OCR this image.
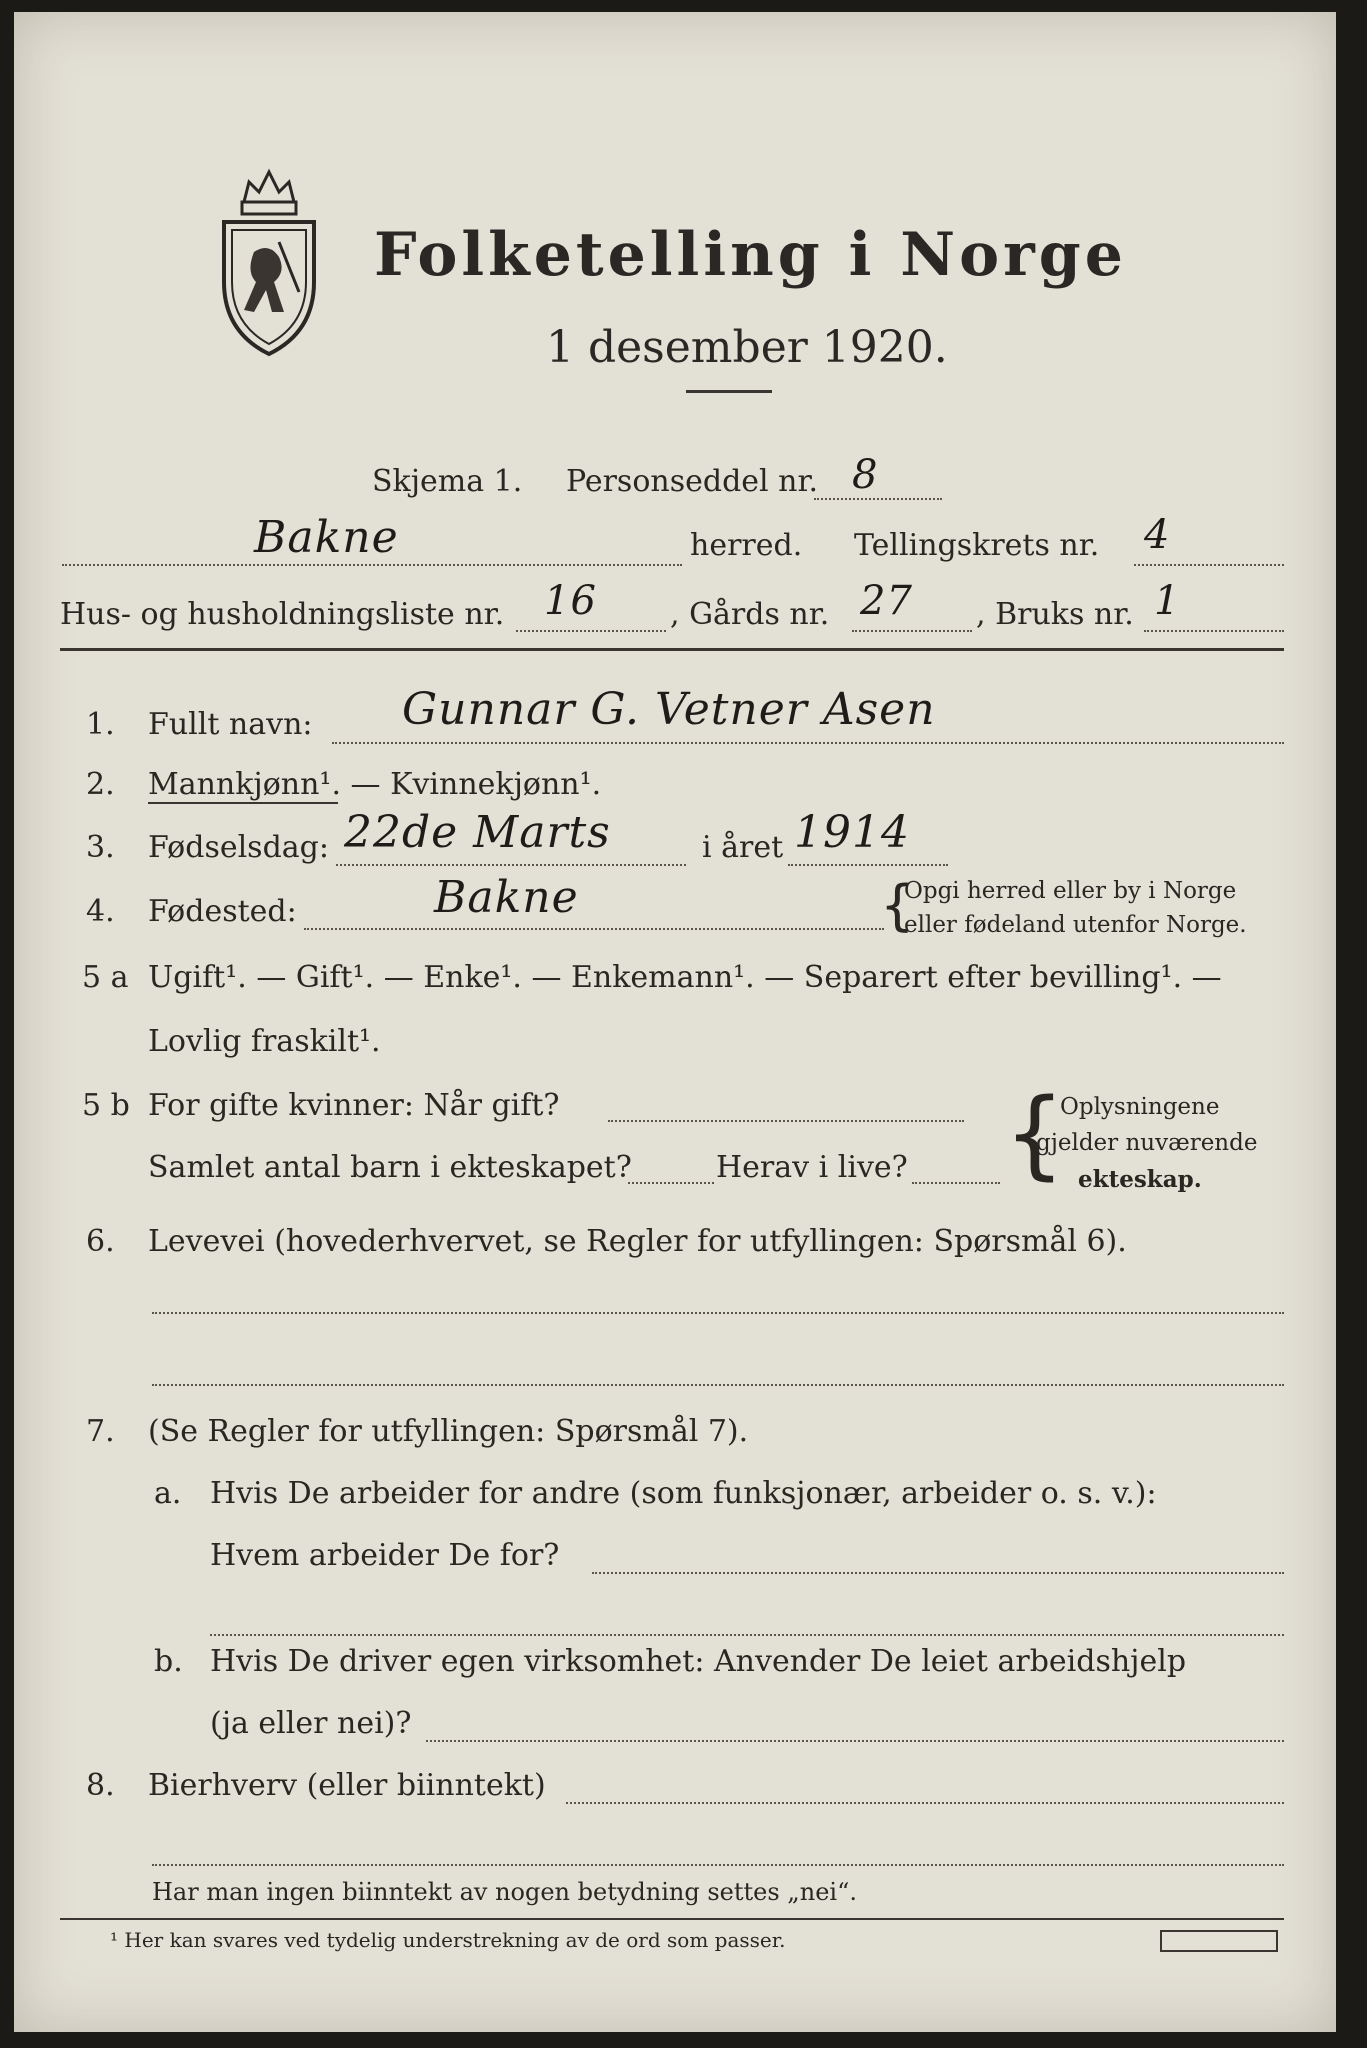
Folketelling i Norge
1 desember 1920.
Skjema 1. Personseddel nr. 8
Bakne	herred. Tellingskrets nr. 4
Hus- og husholdningsliste nr. 16 , Gårds nr. 27 , Bruks nr. 1
1. Fullt navn: Gunnar G. Vetner Asen
2. Mannkjønn¹. — Kvinnekjønn¹.
3. Fødselsdag: 22de Marts	i året 1914
4. Fødested:	Bakne	{
Opgi herred eller by i Norge
eller fødeland utenfor Norge.
5 a Ugift¹. — Gift¹. — Enke¹. — Enkemann¹. — Separert efter bevilling¹. —
Lovlig fraskilt¹.
5 b For gifte kvinner: Når gift?
Samlet antal barn i ekteskapet?	Herav i live? {
Oplysningene
gjelder nuværende
ekteskap.
6. Levevei (hovederhvervet, se Regler for utfyllingen: Spørsmål 6).
7. (Se Regler for utfyllingen: Spørsmål 7).
a. Hvis De arbeider for andre (som funksjonær, arbeider o. s. v.):
Hvem arbeider De for?
b. Hvis De driver egen virksomhet: Anvender De leiet arbeidshjelp
(ja eller nei)?
8. Bierhverv (eller biinntekt)
Har man ingen biinntekt av nogen betydning settes „nei“.
¹ Her kan svares ved tydelig understrekning av de ord som passer.
